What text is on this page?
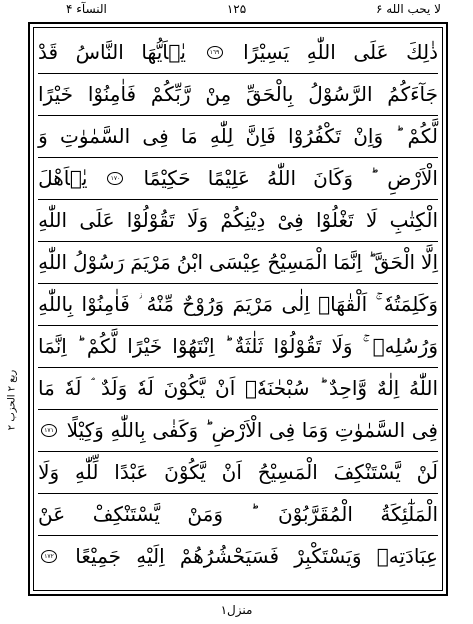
لا يحب الله ۶
۱۲۵
النسآء ۴
ذٰلِكَ
عَلَى
اللّٰهِ
يَسِيْرًا
١٦٩
يٰۤاَيُّهَا
النَّاسُ
قَدْ
جَآءَكُمُ
الرَّسُوْلُ
بِالْحَقِّ
مِنْ
رَّبِّكُمْ
فَاٰمِنُوْا
خَيْرًا
لَّكُمْ
وَاِنْ
تَكْفُرُوْا
فَاِنَّ
لِلّٰهِ
مَا
فِى
السَّمٰوٰتِ
وَ
الْاَرْضِ
وَكَانَ
اللّٰهُ
عَلِيْمًا
حَكِيْمًا
١٧٠
يٰۤاَهْلَ
الْكِتٰبِ
لَا
تَغْلُوْا
فِىْ
دِيْنِكُمْ
وَلَا
تَقُوْلُوْا
عَلَى
اللّٰهِ
اِلَّا
الْحَقَّ
اِنَّمَا
الْمَسِيْحُ
عِيْسَى
ابْنُ
مَرْيَمَ
رَسُوْلُ
اللّٰهِ
وَكَلِمَتُهٗ
اَلْقٰهَاۤ
اِلٰى
مَرْيَمَ
وَرُوْحٌ
مِّنْهُ
فَاٰمِنُوْا
بِاللّٰهِ
وَرُسُلِهٖ
وَلَا
تَقُوْلُوْا
ثَلٰثَةٌ
اِنْتَهُوْا
خَيْرًا
لَّكُمْ
اِنَّمَا
اللّٰهُ
اِلٰهٌ
وَّاحِدٌ
سُبْحٰنَهٗۤ
اَنْ
يَّكُوْنَ
لَهٗ
وَلَدٌ
لَهٗ
مَا
فِى
السَّمٰوٰتِ
وَمَا
فِى
الْاَرْضِ
وَكَفٰى
بِاللّٰهِ
وَكِيْلًا
١٧١
لَنْ
يَّسْتَنْكِفَ
الْمَسِيْحُ
اَنْ
يَّكُوْنَ
عَبْدًا
لِّلّٰهِ
وَلَا
الْمَلٰٓئِكَةُ
الْمُقَرَّبُوْنَ
وَمَنْ
يَّسْتَنْكِفْ
عَنْ
عِبَادَتِهٖ
وَيَسْتَكْبِرْ
فَسَيَحْشُرُهُمْ
اِلَيْهِ
جَمِيْعًا
١٧٢
ربع ۲ الحزب ۲
منزل۱
